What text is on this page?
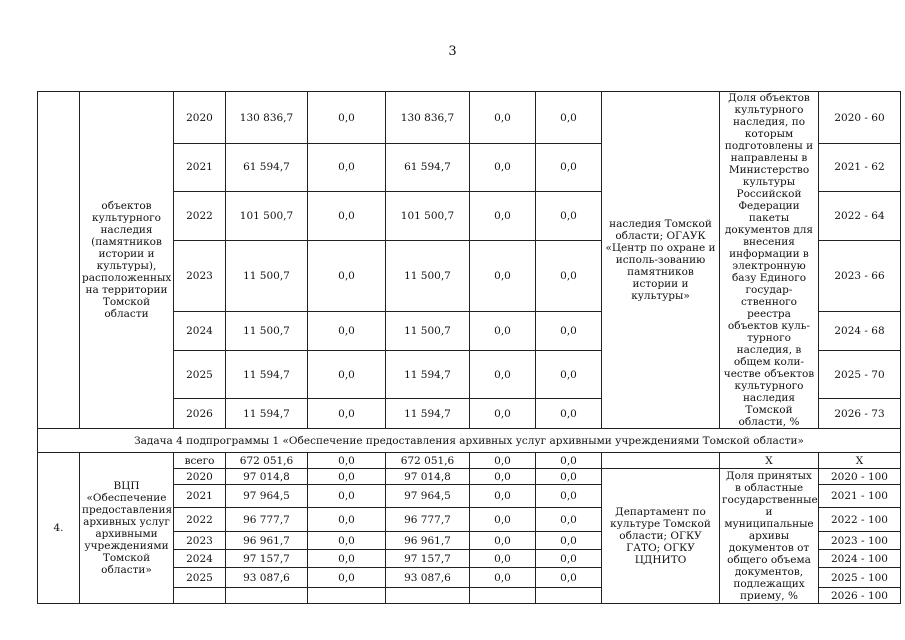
3
	объектов культурного наследия (памятников истории и культуры), расположенных на территории Томской области	2020	130 836,7	0,0	130 836,7	0,0	0,0	наследия Томской области; ОГАУК «Центр по охране и исполь-зованию памятников истории и культуры»	Доля объектов культурного наследия, по которым подготовлены и направлены в Министерство культуры Российской Федерации пакеты документов для внесения информации в электронную базу Единого государ-ственного реестра объектов куль-турного наследия, в общем коли-честве объектов культурного наследия Томской области, %	2020 - 60
		2021	61 594,7	0,0	61 594,7	0,0	0,0			2021 - 62
		2022	101 500,7	0,0	101 500,7	0,0	0,0			2022 - 64
		2023	11 500,7	0,0	11 500,7	0,0	0,0			2023 - 66
		2024	11 500,7	0,0	11 500,7	0,0	0,0			2024 - 68
		2025	11 594,7	0,0	11 594,7	0,0	0,0			2025 - 70
		2026	11 594,7	0,0	11 594,7	0,0	0,0			2026 - 73
Задача 4 подпрограммы 1 «Обеспечение предоставления архивных услуг архивными учреждениями Томской области»										
4.	ВЦП «Обеспечение предоставления архивных услуг архивными учреждениями Томской области»	всего	672 051,6	0,0	672 051,6	0,0	0,0		Х	Х
		2020	97 014,8	0,0	97 014,8	0,0	0,0	Департамент по культуре Томской области; ОГКУ ГАТО; ОГКУ ЦДНИТО	Доля принятых в областные государственные и муниципальные архивы документов от общего объема документов, подлежащих приему, %	2020 - 100
		2021	97 964,5	0,0	97 964,5	0,0	0,0			2021 - 100
		2022	96 777,7	0,0	96 777,7	0,0	0,0			2022 - 100
		2023	96 961,7	0,0	96 961,7	0,0	0,0			2023 - 100
		2024	97 157,7	0,0	97 157,7	0,0	0,0			2024 - 100
		2025	93 087,6	0,0	93 087,6	0,0	0,0			2025 - 100
										2026 - 100
